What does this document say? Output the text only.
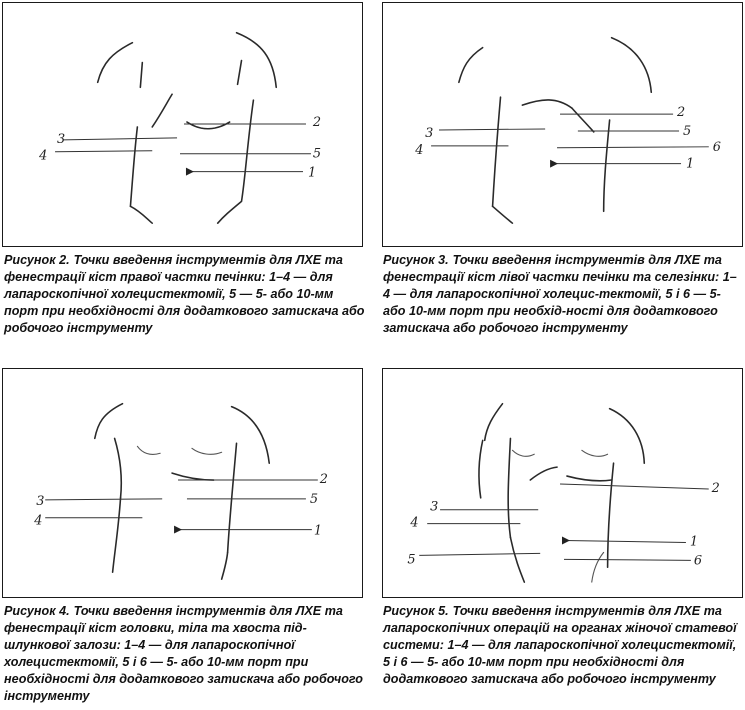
3
4
2
5
1

Рисунок 2. Точки введення інструментів для ЛХЕ та фенестрації кіст правої частки печінки: 1–4 — для лапароскопічної холецистектомії, 5 — 5- або 10-мм порт при необхідності для додаткового затискача або робочого інструменту

3
4
2
5
6
1

Рисунок 3. Точки введення інструментів для ЛХЕ та фенестрації кіст лівої частки печінки та селезінки: 1–4 — для лапароскопічної холецис-тектомії, 5 і 6 — 5- або 10-мм порт при необхід-ності для додаткового затискача або робочого інструменту

3
4
2
5
1

Рисунок 4. Точки введення інструментів для ЛХЕ та фенестрації кіст головки, тіла та хвоста під-шлункової залози: 1–4 — для лапароскопічної холецистектомії, 5 і 6 — 5- або 10-мм порт при необхідності для додаткового затискача або робочого інструменту

3
4
2
1
5	6

Рисунок 5. Точки введення інструментів для ЛХЕ та лапароскопічних операцій на органах жіночої статевої системи: 1–4 — для лапароскопічної холецистектомії, 5 і 6 — 5- або 10-мм порт при необхідності для додаткового затискача або робочого інструменту
